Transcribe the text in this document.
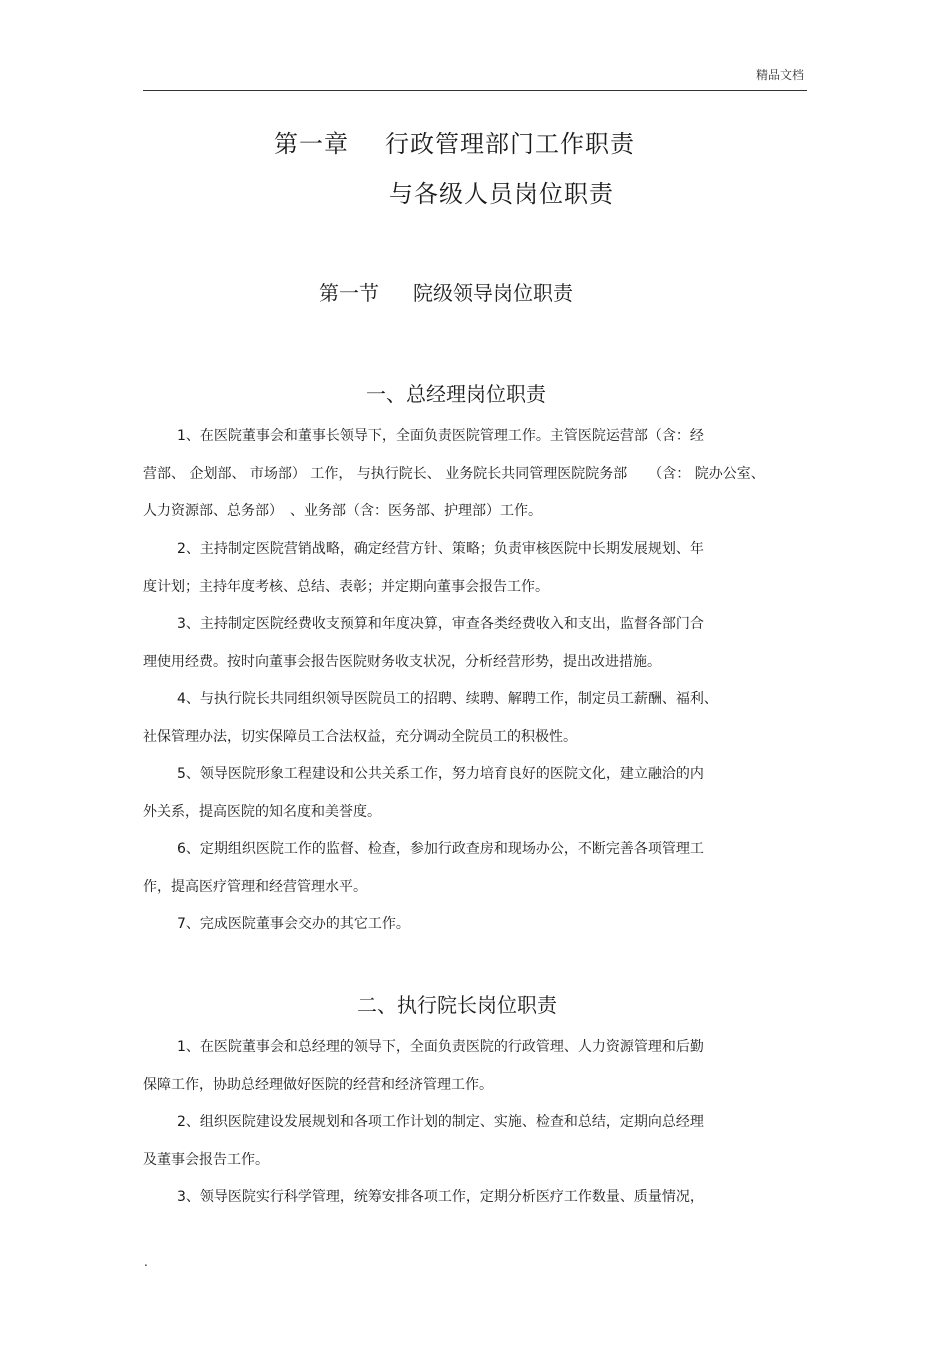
精品文档
第一章 行政管理部门工作职责
与各级人员岗位职责
第一节 院级领导岗位职责
一、总经理岗位职责
1、在医院董事会和董事长领导下，全面负责医院管理工作。主管医院运营部（含：经
营部、 企划部、 市场部） 工作， 与执行院长、 业务院长共同管理医院院务部　　（含： 院办公室、
人力资源部、总务部）　、业务部（含：医务部、护理部）工作。
2、主持制定医院营销战略，确定经营方针、策略；负责审核医院中长期发展规划、年
度计划；主持年度考核、总结、表彰；并定期向董事会报告工作。
3、主持制定医院经费收支预算和年度决算，审查各类经费收入和支出，监督各部门合
理使用经费。按时向董事会报告医院财务收支状况，分析经营形势，提出改进措施。
4、与执行院长共同组织领导医院员工的招聘、续聘、解聘工作，制定员工薪酬、福利、
社保管理办法，切实保障员工合法权益，充分调动全院员工的积极性。
5、领导医院形象工程建设和公共关系工作，努力培育良好的医院文化，建立融洽的内
外关系，提高医院的知名度和美誉度。
6、定期组织医院工作的监督、检查，参加行政查房和现场办公，不断完善各项管理工
作，提高医疗管理和经营管理水平。
7、完成医院董事会交办的其它工作。
二、执行院长岗位职责
1、在医院董事会和总经理的领导下，全面负责医院的行政管理、人力资源管理和后勤
保障工作，协助总经理做好医院的经营和经济管理工作。
2、组织医院建设发展规划和各项工作计划的制定、实施、检查和总结，定期向总经理
及董事会报告工作。
3、领导医院实行科学管理，统筹安排各项工作，定期分析医疗工作数量、质量情况，
.
